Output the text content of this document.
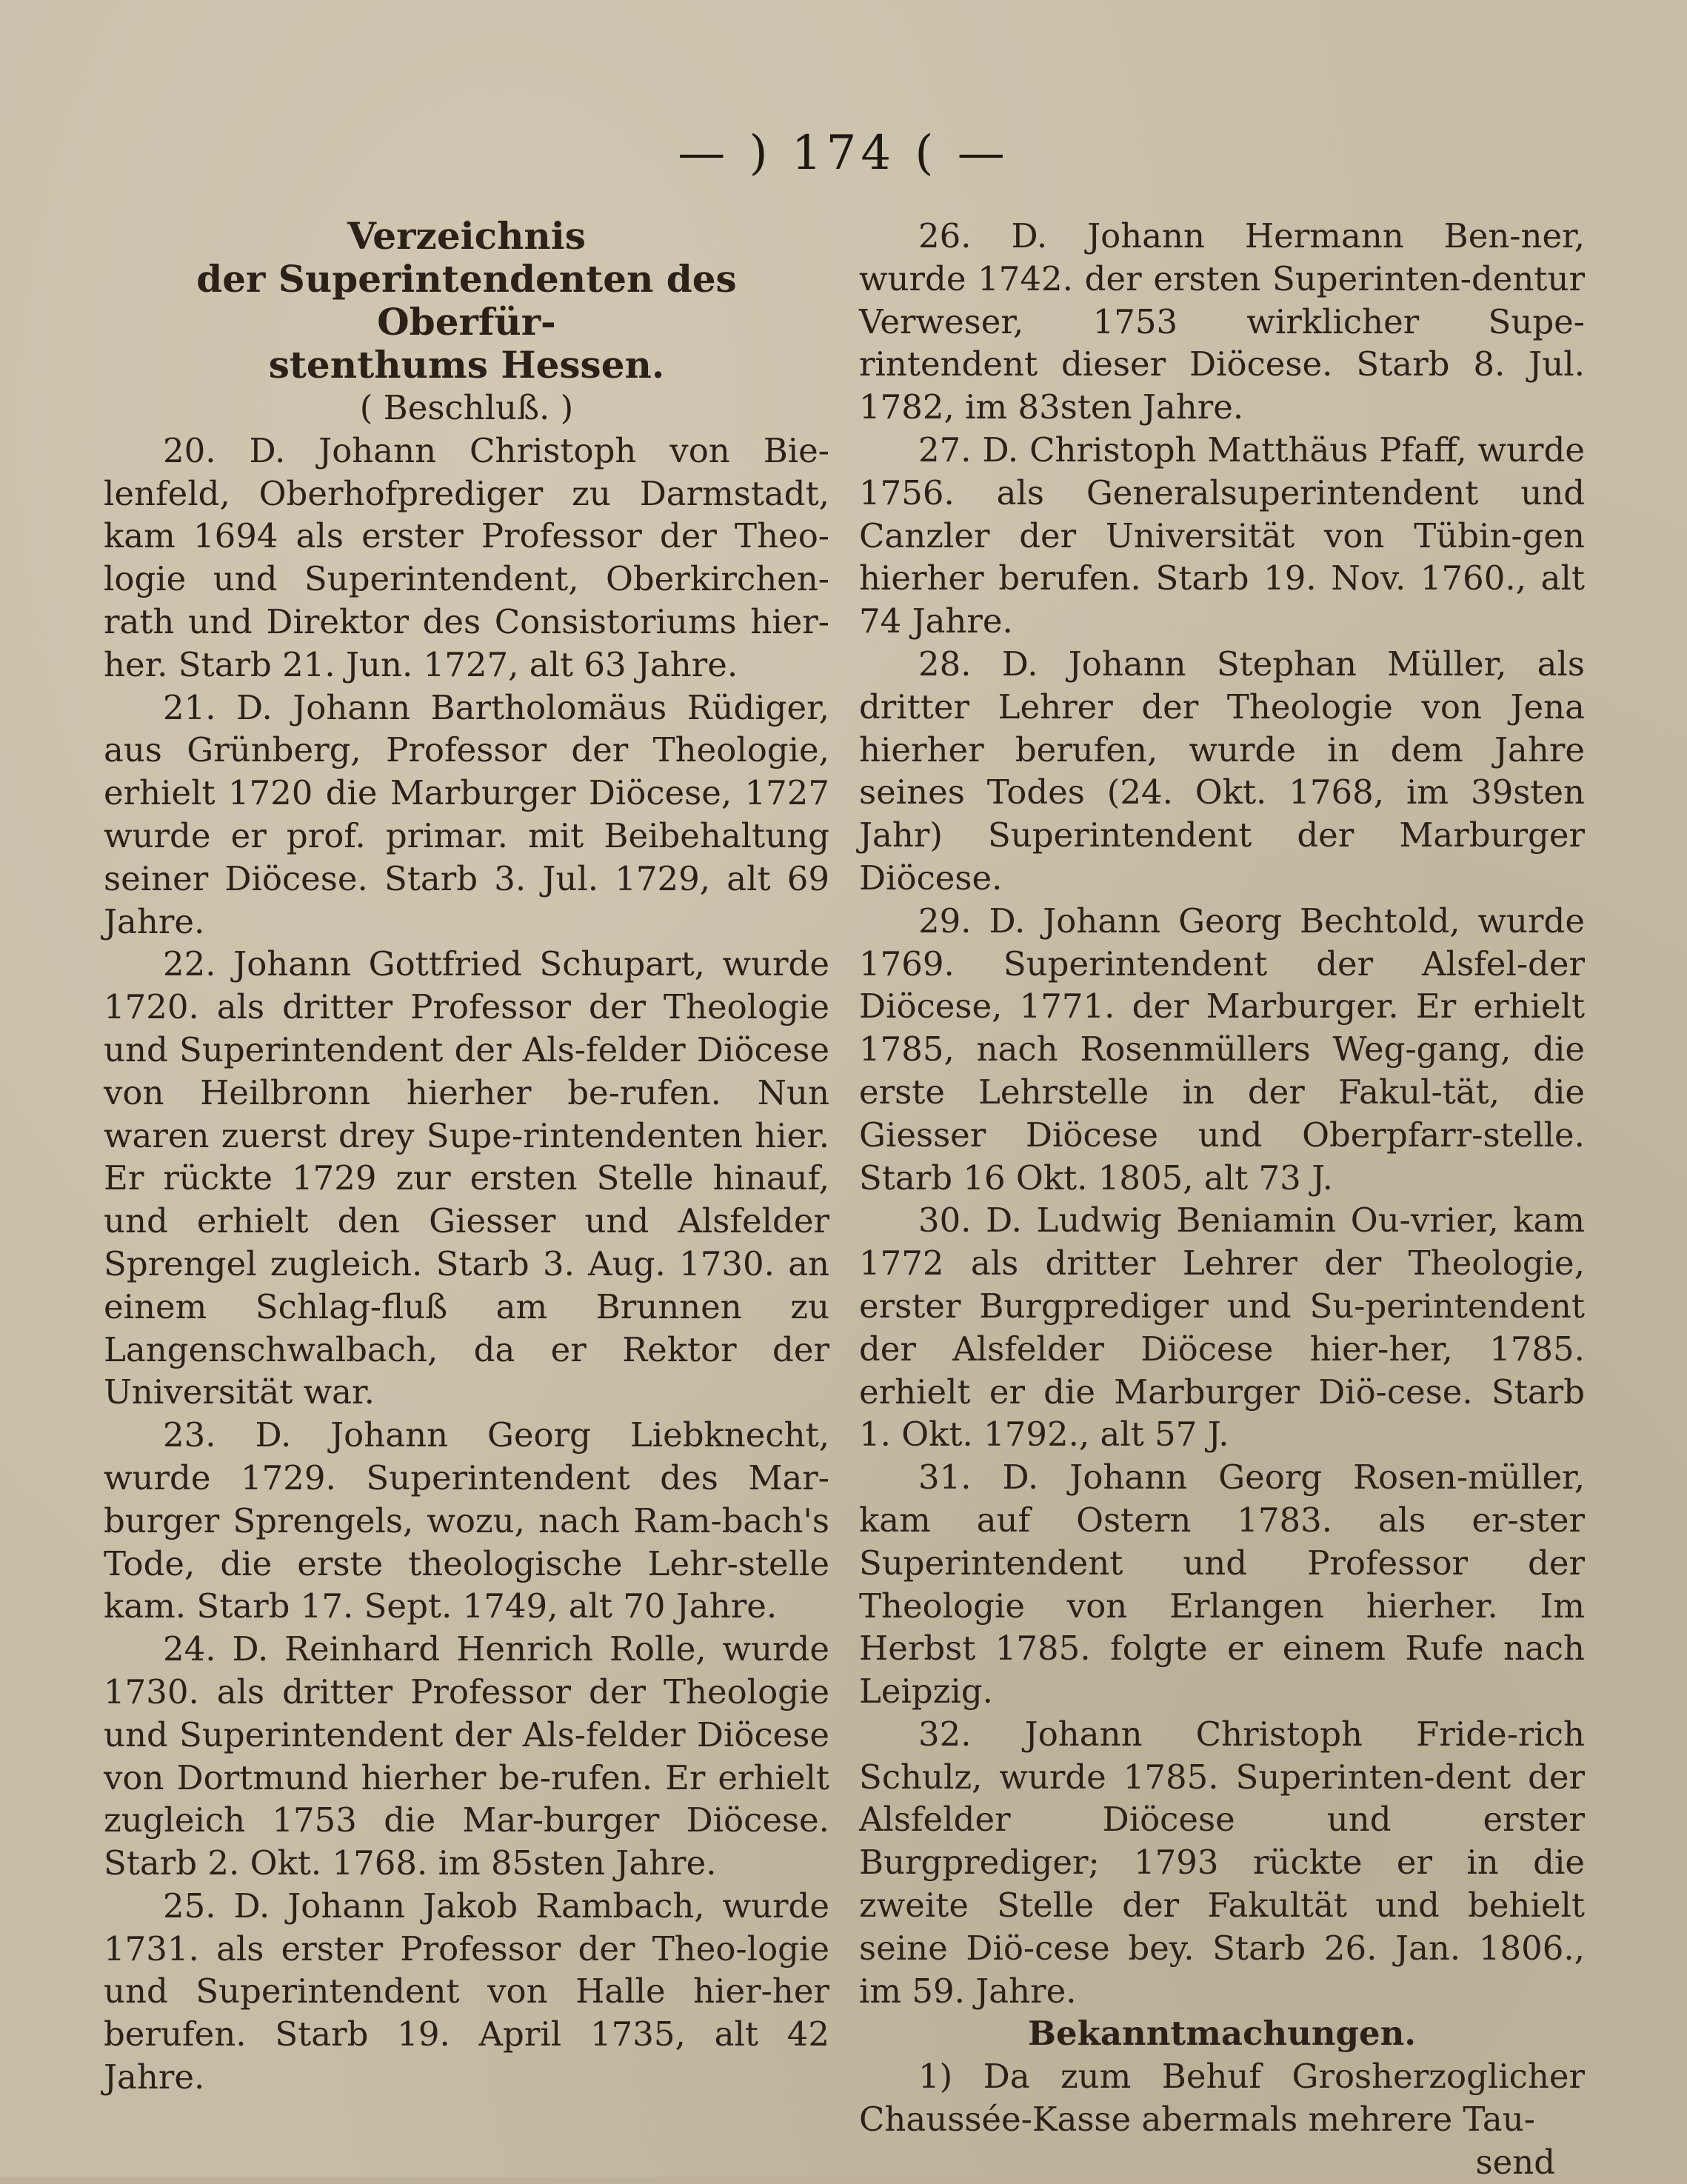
— ) 174 ( —

Verzeichnis

der Superintendenten des Oberfür-

stenthums Hessen.

( Beschluß. )

20. D. Johann Christoph von Bie-lenfeld, Oberhofprediger zu Darmstadt, kam 1694 als erster Professor der Theo-logie und Superintendent, Oberkirchen-rath und Direktor des Consistoriums hier-her. Starb 21. Jun. 1727, alt 63 Jahre.

21. D. Johann Bartholomäus Rüdiger, aus Grünberg, Professor der Theologie, erhielt 1720 die Marburger Diöcese, 1727 wurde er prof. primar. mit Beibehaltung seiner Diöcese. Starb 3. Jul. 1729, alt 69 Jahre.

22. Johann Gottfried Schupart, wurde 1720. als dritter Professor der Theologie und Superintendent der Als-felder Diöcese von Heilbronn hierher be-rufen. Nun waren zuerst drey Supe-rintendenten hier. Er rückte 1729 zur ersten Stelle hinauf, und erhielt den Giesser und Alsfelder Sprengel zugleich. Starb 3. Aug. 1730. an einem Schlag-fluß am Brunnen zu Langenschwalbach, da er Rektor der Universität war.

23. D. Johann Georg Liebknecht, wurde 1729. Superintendent des Mar-burger Sprengels, wozu, nach Ram-bach's Tode, die erste theologische Lehr-stelle kam. Starb 17. Sept. 1749, alt 70 Jahre.

24. D. Reinhard Henrich Rolle, wurde 1730. als dritter Professor der Theologie und Superintendent der Als-felder Diöcese von Dortmund hierher be-rufen. Er erhielt zugleich 1753 die Mar-burger Diöcese. Starb 2. Okt. 1768. im 85sten Jahre.

25. D. Johann Jakob Rambach, wurde 1731. als erster Professor der Theo-logie und Superintendent von Halle hier-her berufen. Starb 19. April 1735, alt 42 Jahre.

26. D. Johann Hermann Ben-ner, wurde 1742. der ersten Superinten-dentur Verweser, 1753 wirklicher Supe-rintendent dieser Diöcese. Starb 8. Jul. 1782, im 83sten Jahre.

27. D. Christoph Matthäus Pfaff, wurde 1756. als Generalsuperintendent und Canzler der Universität von Tübin-gen hierher berufen. Starb 19. Nov. 1760., alt 74 Jahre.

28. D. Johann Stephan Müller, als dritter Lehrer der Theologie von Jena hierher berufen, wurde in dem Jahre seines Todes (24. Okt. 1768, im 39sten Jahr) Superintendent der Marburger Diöcese.

29. D. Johann Georg Bechtold, wurde 1769. Superintendent der Alsfel-der Diöcese, 1771. der Marburger. Er erhielt 1785, nach Rosenmüllers Weg-gang, die erste Lehrstelle in der Fakul-tät, die Giesser Diöcese und Oberpfarr-stelle. Starb 16 Okt. 1805, alt 73 J.

30. D. Ludwig Beniamin Ou-vrier, kam 1772 als dritter Lehrer der Theologie, erster Burgprediger und Su-perintendent der Alsfelder Diöcese hier-her, 1785. erhielt er die Marburger Diö-cese. Starb 1. Okt. 1792., alt 57 J.

31. D. Johann Georg Rosen-müller, kam auf Ostern 1783. als er-ster Superintendent und Professor der Theologie von Erlangen hierher. Im Herbst 1785. folgte er einem Rufe nach Leipzig.

32. Johann Christoph Fride-rich Schulz, wurde 1785. Superinten-dent der Alsfelder Diöcese und erster Burgprediger; 1793 rückte er in die zweite Stelle der Fakultät und behielt seine Diö-cese bey. Starb 26. Jan. 1806., im 59. Jahre.

Bekanntmachungen.

1) Da zum Behuf Grosherzoglicher Chaussée-Kasse abermals mehrere Tau-

send
